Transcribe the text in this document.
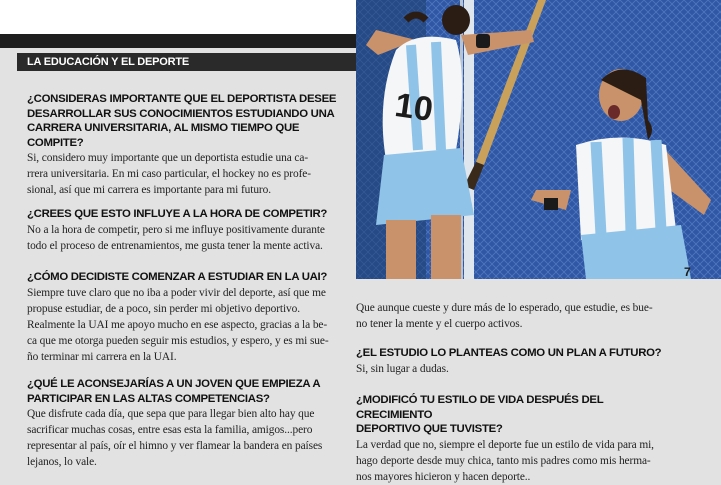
LA EDUCACIÓN Y EL DEPORTE

¿CONSIDERAS IMPORTANTE QUE EL DEPORTISTA DESEE
DESARROLLAR SUS CONOCIMIENTOS ESTUDIANDO UNA
CARRERA UNIVERSITARIA, AL MISMO TIEMPO QUE COMPITE?

Si, considero muy importante que un deportista estudie una ca-
rrera universitaria. En mi caso particular, el hockey no es profe-
sional, así que mi carrera es importante para mi futuro.

¿CREES QUE ESTO INFLUYE A LA HORA DE COMPETIR?

No a la hora de competir, pero si me influye positivamente durante
todo el proceso de entrenamientos, me gusta tener la mente activa.

¿CÓMO DECIDISTE COMENZAR A ESTUDIAR EN LA UAI?

Siempre tuve claro que no iba a poder vivir del deporte, así que me
propuse estudiar, de a poco, sin perder mi objetivo deportivo.
Realmente la UAI me apoyo mucho en ese aspecto, gracias a la be-
ca que me otorga pueden seguir mis estudios, y espero, y es mi sue-
ño terminar mi carrera en la UAI.

¿QUÉ LE ACONSEJARÍAS A UN JOVEN QUE EMPIEZA A
PARTICIPAR EN LAS ALTAS COMPETENCIAS?

Que disfrute cada día, que sepa que para llegar bien alto hay que
sacrificar muchas cosas, entre esas esta la familia, amigos...pero
representar al país, oír el himno y ver flamear la bandera en países
lejanos, lo vale.

10
7

Que aunque cueste y dure más de lo esperado, que estudie, es bue-
no tener la mente y el cuerpo activos.

¿EL ESTUDIO LO PLANTEAS COMO UN PLAN A FUTURO?

Si, sin lugar a dudas.

¿MODIFICÓ TU ESTILO DE VIDA DESPUÉS DEL CRECIMIENTO
DEPORTIVO QUE TUVISTE?

La verdad que no, siempre el deporte fue un estilo de vida para mi,
hago deporte desde muy chica, tanto mis padres como mis herma-
nos mayores hicieron y hacen deporte..
